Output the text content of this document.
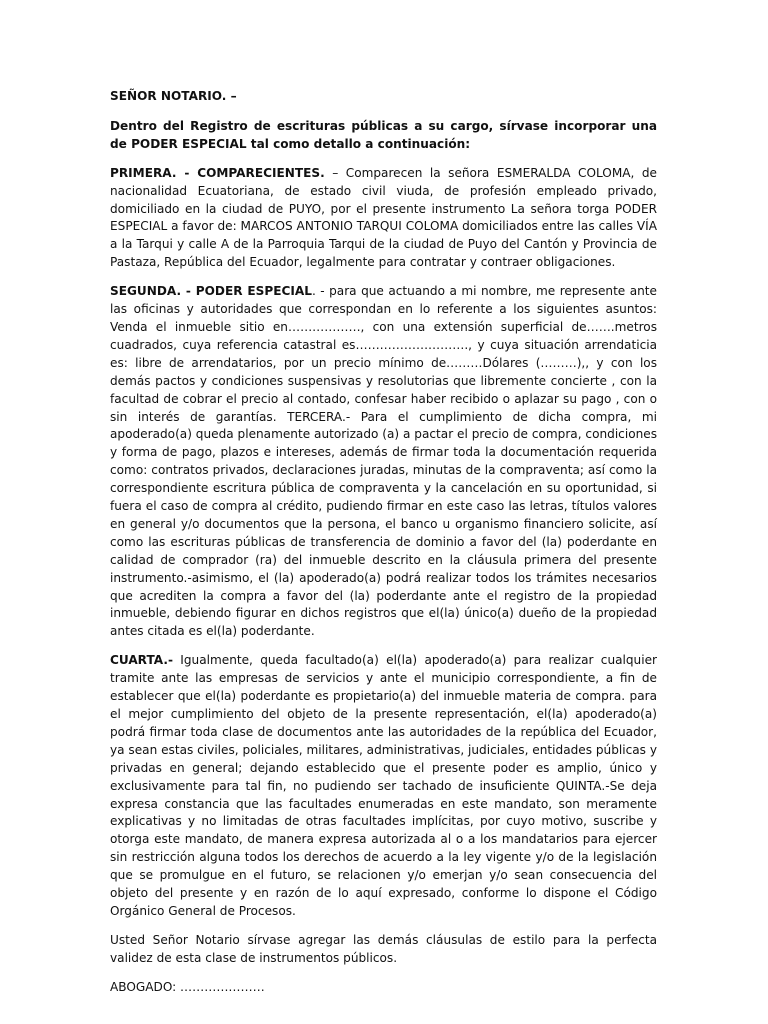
SEÑOR NOTARIO. –

Dentro del Registro de escrituras públicas a su cargo, sírvase incorporar una de PODER ESPECIAL tal como detallo a continuación:

PRIMERA. - COMPARECIENTES. – Comparecen la señora ESMERALDA COLOMA, de nacionalidad Ecuatoriana, de estado civil viuda, de profesión empleado privado, domiciliado en la ciudad de PUYO, por el presente instrumento La señora torga PODER ESPECIAL a favor de: MARCOS ANTONIO TARQUI COLOMA domiciliados entre las calles VÍA a la Tarqui y calle A de la Parroquia Tarqui de la ciudad de Puyo del Cantón y Provincia de Pastaza, República del Ecuador, legalmente para contratar y contraer obligaciones.

SEGUNDA. - PODER ESPECIAL. - para que actuando a mi nombre, me represente ante las oficinas y autoridades que correspondan en lo referente a los siguientes asuntos: Venda el inmueble sitio en………………, con una extensión superficial de…….metros cuadrados, cuya referencia catastral es………………………., y cuya situación arrendaticia es: libre de arrendatarios, por un precio mínimo de………Dólares (………),, y con los demás pactos y condiciones suspensivas y resolutorias que libremente concierte , con la facultad de cobrar el precio al contado, confesar haber recibido o aplazar su pago , con o sin interés de garantías. TERCERA.- Para el cumplimiento de dicha compra, mi apoderado(a) queda plenamente autorizado (a) a pactar el precio de compra, condiciones y forma de pago, plazos e intereses, además de firmar toda la documentación requerida como: contratos privados, declaraciones juradas, minutas de la compraventa; así como la correspondiente escritura pública de compraventa y la cancelación en su oportunidad, si fuera el caso de compra al crédito, pudiendo firmar en este caso las letras, títulos valores en general y/o documentos que la persona, el banco u organismo financiero solicite, así como las escrituras públicas de transferencia de dominio a favor del (la) poderdante en calidad de comprador (ra) del inmueble descrito en la cláusula primera del presente instrumento.-asimismo, el (la) apoderado(a) podrá realizar todos los trámites necesarios que acrediten la compra a favor del (la) poderdante ante el registro de la propiedad inmueble, debiendo figurar en dichos registros que el(la) único(a) dueño de la propiedad antes citada es el(la) poderdante.

CUARTA.- Igualmente, queda facultado(a) el(la) apoderado(a) para realizar cualquier tramite ante las empresas de servicios y ante el municipio correspondiente, a fin de establecer que el(la) poderdante es propietario(a) del inmueble materia de compra. para el mejor cumplimiento del objeto de la presente representación, el(la) apoderado(a) podrá firmar toda clase de documentos ante las autoridades de la república del Ecuador, ya sean estas civiles, policiales, militares, administrativas, judiciales, entidades públicas y privadas en general; dejando establecido que el presente poder es amplio, único y exclusivamente para tal fin, no pudiendo ser tachado de insuficiente QUINTA.-Se deja expresa constancia que las facultades enumeradas en este mandato, son meramente explicativas y no limitadas de otras facultades implícitas, por cuyo motivo, suscribe y otorga este mandato, de manera expresa autorizada al o a los mandatarios para ejercer sin restricción alguna todos los derechos de acuerdo a la ley vigente y/o de la legislación que se promulgue en el futuro, se relacionen y/o emerjan y/o sean consecuencia del objeto del presente y en razón de lo aquí expresado, conforme lo dispone el Código Orgánico General de Procesos.

Usted Señor Notario sírvase agregar las demás cláusulas de estilo para la perfecta validez de esta clase de instrumentos públicos.

ABOGADO: …………………
